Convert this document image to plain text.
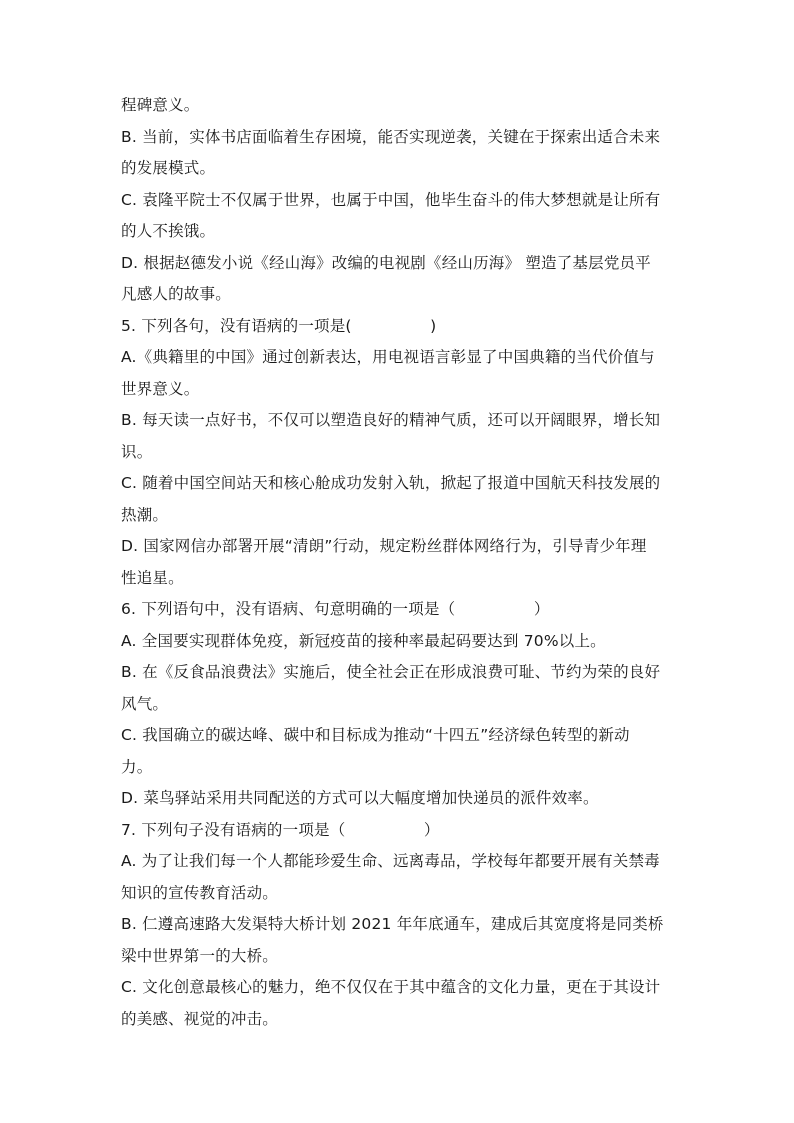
程碑意义。
B. 当前，实体书店面临着生存困境，能否实现逆袭，关键在于探索出适合未来
的发展模式。
C. 袁隆平院士不仅属于世界，也属于中国，他毕生奋斗的伟大梦想就是让所有
的人不挨饿。
D. 根据赵德发小说《经山海》改编的电视剧《经山历海》 塑造了基层党员平
凡感人的故事。
5. 下列各句，没有语病的一项是(　　　　　)
A.《典籍里的中国》通过创新表达，用电视语言彰显了中国典籍的当代价值与
世界意义。
B. 每天读一点好书，不仅可以塑造良好的精神气质，还可以开阔眼界，增长知
识。
C. 随着中国空间站天和核心舱成功发射入轨，掀起了报道中国航天科技发展的
热潮。
D. 国家网信办部署开展“清朗”行动，规定粉丝群体网络行为，引导青少年理
性追星。
6. 下列语句中，没有语病、句意明确的一项是（　　　　　）
A. 全国要实现群体免疫，新冠疫苗的接种率最起码要达到 70%以上。
B. 在《反食品浪费法》实施后，使全社会正在形成浪费可耻、节约为荣的良好
风气。
C. 我国确立的碳达峰、碳中和目标成为推动“十四五”经济绿色转型的新动
力。
D. 菜鸟驿站采用共同配送的方式可以大幅度增加快递员的派件效率。
7. 下列句子没有语病的一项是（　　　　　）
A. 为了让我们每一个人都能珍爱生命、远离毒品，学校每年都要开展有关禁毒
知识的宣传教育活动。
B. 仁遵高速路大发渠特大桥计划 2021 年年底通车，建成后其宽度将是同类桥
梁中世界第一的大桥。
C. 文化创意最核心的魅力，绝不仅仅在于其中蕴含的文化力量，更在于其设计
的美感、视觉的冲击。
